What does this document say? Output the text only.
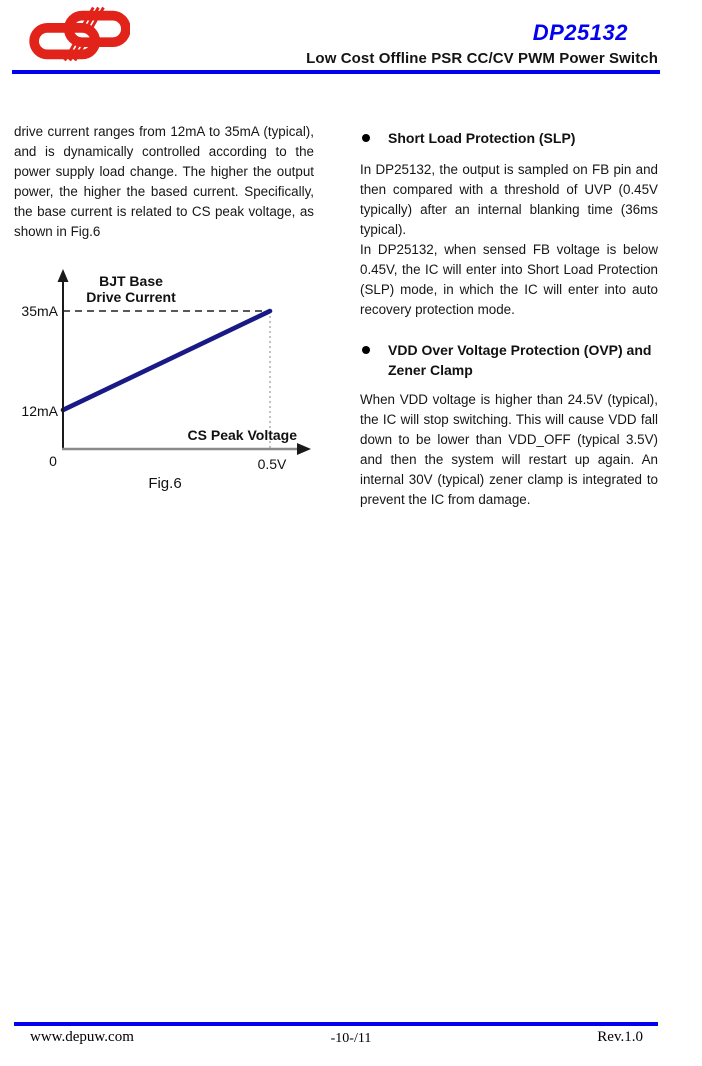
DP25132
Low Cost Offline PSR CC/CV PWM Power Switch

drive current ranges from 12mA to 35mA (typical), and is dynamically controlled according to the power supply load change. The higher the output power, the higher the based current. Specifically, the base current is related to CS peak voltage, as shown in Fig.6

BJT Base
Drive Current
35mA
12mA
0
CS Peak Voltage
0.5V
Fig.6
Short Load Protection (SLP)

In DP25132, the output is sampled on FB pin and then compared with a threshold of UVP (0.45V typically) after an internal blanking time (36ms typical).

In DP25132, when sensed FB voltage is below 0.45V, the IC will enter into Short Load Protection (SLP) mode, in which the IC will enter into auto recovery protection mode.

VDD Over Voltage Protection (OVP) and Zener Clamp

When VDD voltage is higher than 24.5V (typical), the IC will stop switching. This will cause VDD fall down to be lower than VDD_OFF (typical 3.5V) and then the system will restart up again. An internal 30V (typical) zener clamp is integrated to prevent the IC from damage.

www.depuw.com	-10-/11	Rev.1.0
